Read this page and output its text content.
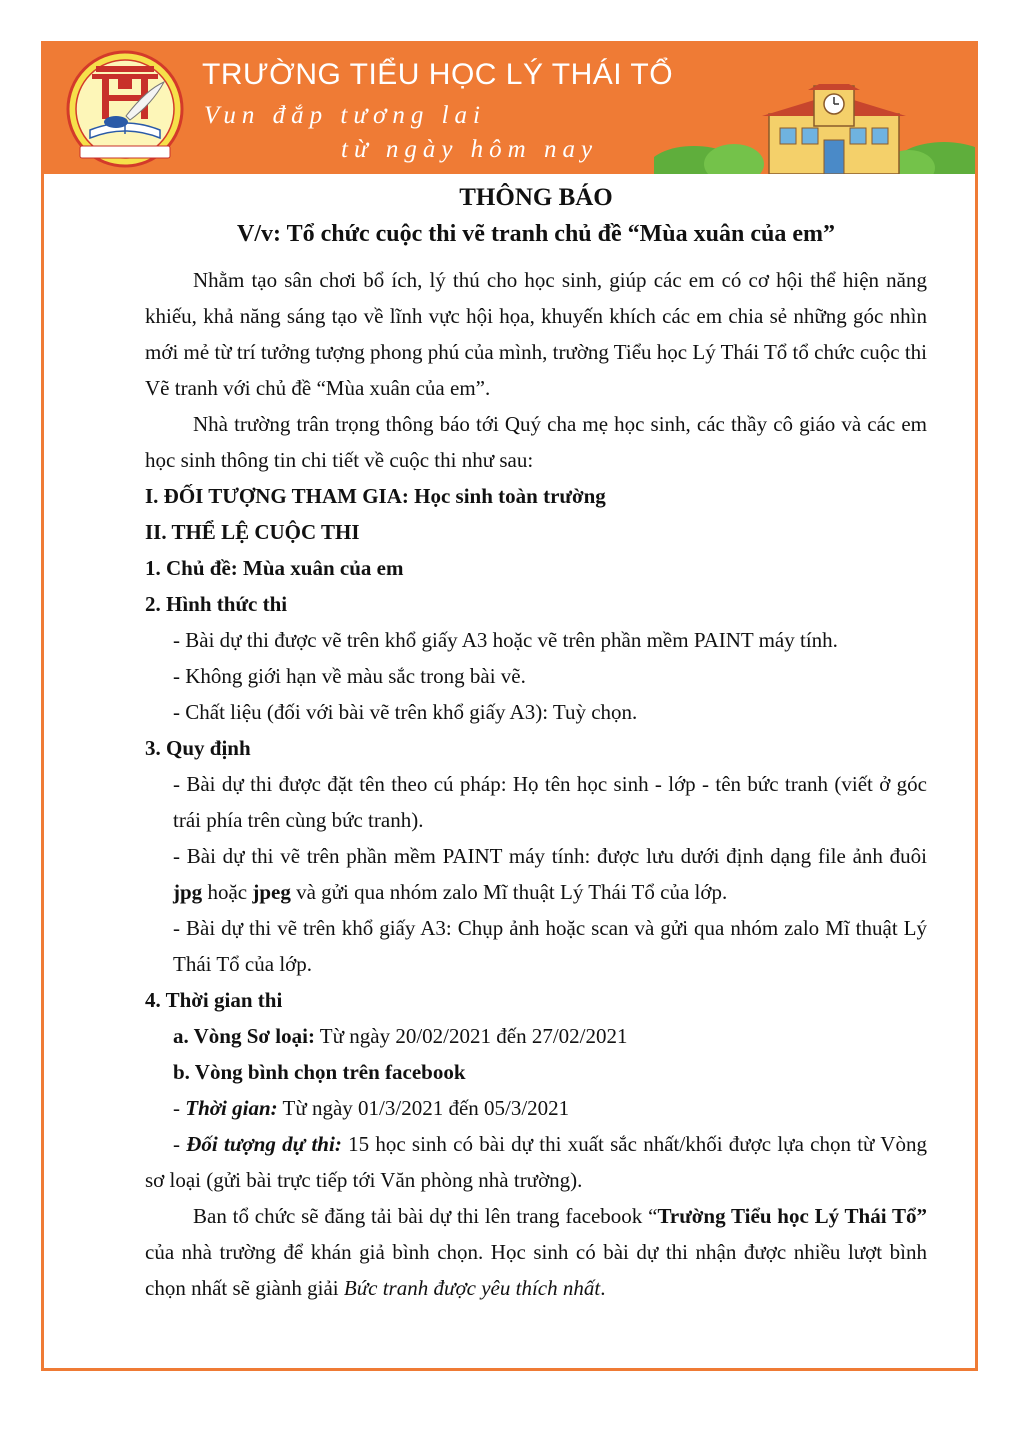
TRƯỜNG TIỂU HỌC LÝ THÁI TỔ
Vun đắp tương lai
từ ngày hôm nay

THÔNG BÁO

V/v: Tổ chức cuộc thi vẽ tranh chủ đề “Mùa xuân của em”

Nhằm tạo sân chơi bổ ích, lý thú cho học sinh, giúp các em có cơ hội thể hiện năng khiếu, khả năng sáng tạo về lĩnh vực hội họa, khuyến khích các em chia sẻ những góc nhìn mới mẻ từ trí tưởng tượng phong phú của mình, trường Tiểu học Lý Thái Tổ tổ chức cuộc thi Vẽ tranh với chủ đề “Mùa xuân của em”.

Nhà trường trân trọng thông báo tới Quý cha mẹ học sinh, các thầy cô giáo và các em học sinh thông tin chi tiết về cuộc thi như sau:

I. ĐỐI TƯỢNG THAM GIA: Học sinh toàn trường

II. THỂ LỆ CUỘC THI

1. Chủ đề: Mùa xuân của em

2. Hình thức thi

- Bài dự thi được vẽ trên khổ giấy A3 hoặc vẽ trên phần mềm PAINT máy tính.

- Không giới hạn về màu sắc trong bài vẽ.

- Chất liệu (đối với bài vẽ trên khổ giấy A3): Tuỳ chọn.

3. Quy định

- Bài dự thi được đặt tên theo cú pháp: Họ tên học sinh - lớp - tên bức tranh (viết ở góc trái phía trên cùng bức tranh).

- Bài dự thi vẽ trên phần mềm PAINT máy tính: được lưu dưới định dạng file ảnh đuôi jpg hoặc jpeg và gửi qua nhóm zalo Mĩ thuật Lý Thái Tổ của lớp.

- Bài dự thi vẽ trên khổ giấy A3: Chụp ảnh hoặc scan và gửi qua nhóm zalo Mĩ thuật Lý Thái Tổ của lớp.

4. Thời gian thi

a. Vòng Sơ loại: Từ ngày 20/02/2021 đến 27/02/2021

b. Vòng bình chọn trên facebook

- Thời gian: Từ ngày 01/3/2021 đến 05/3/2021

- Đối tượng dự thi: 15 học sinh có bài dự thi xuất sắc nhất/khối được lựa chọn từ Vòng sơ loại (gửi bài trực tiếp tới Văn phòng nhà trường).

Ban tổ chức sẽ đăng tải bài dự thi lên trang facebook “Trường Tiểu học Lý Thái Tổ” của nhà trường để khán giả bình chọn. Học sinh có bài dự thi nhận được nhiều lượt bình chọn nhất sẽ giành giải Bức tranh được yêu thích nhất.
